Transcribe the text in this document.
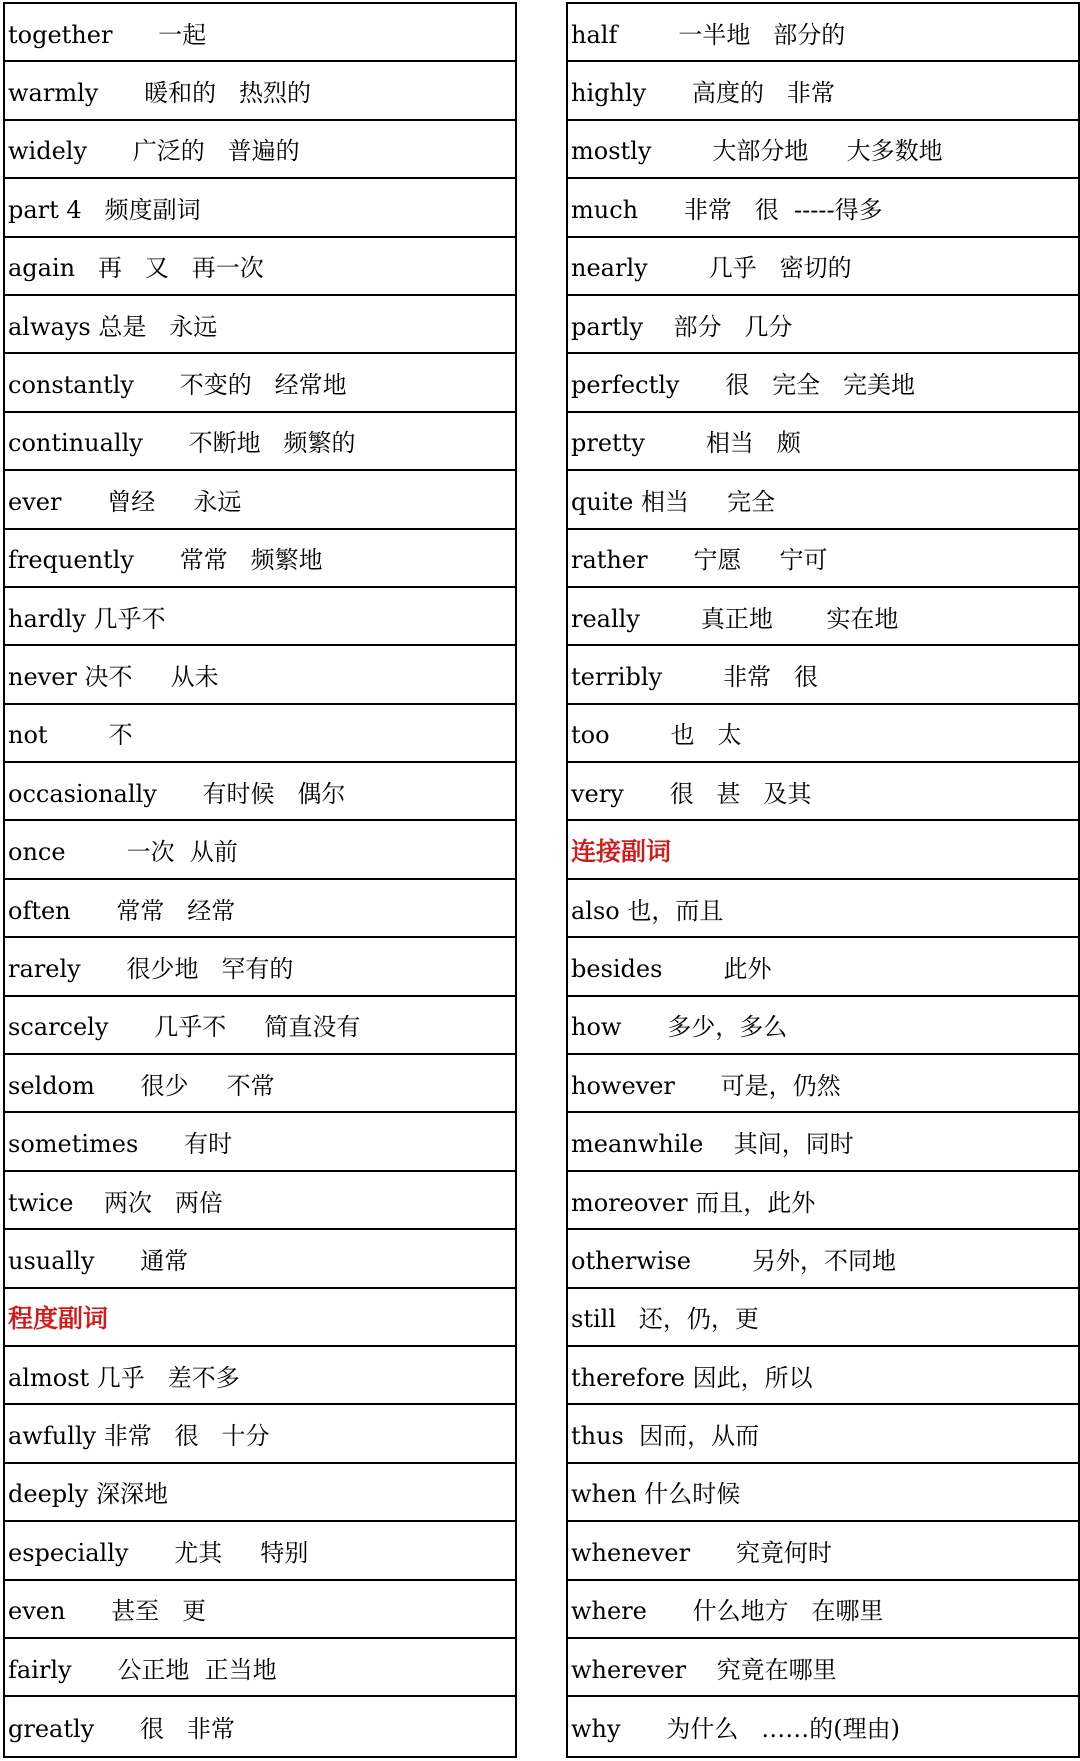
together      一起
warmly      暖和的   热烈的
widely      广泛的   普遍的
part 4   频度副词
again   再   又   再一次
always 总是   永远
constantly      不变的   经常地
continually      不断地   频繁的
ever      曾经     永远
frequently      常常   频繁地
hardly 几乎不
never 决不     从未
not        不
occasionally      有时候   偶尔
once        一次  从前
often      常常   经常
rarely      很少地   罕有的
scarcely      几乎不     简直没有
seldom      很少     不常
sometimes      有时
twice    两次   两倍
usually      通常
程度副词
almost 几乎   差不多
awfully 非常   很   十分
deeply 深深地
especially      尤其     特别
even      甚至   更
fairly      公正地  正当地
greatly      很   非常
half        一半地   部分的
highly      高度的   非常
mostly        大部分地     大多数地
much      非常   很  -----得多
nearly        几乎   密切的
partly    部分   几分
perfectly      很   完全   完美地
pretty        相当   颇
quite 相当     完全
rather      宁愿     宁可
really        真正地       实在地
terribly        非常   很
too        也   太
very      很   甚   及其
连接副词
also 也，而且
besides        此外
how      多少，多么
however      可是，仍然
meanwhile    其间，同时
moreover 而且，此外
otherwise        另外，不同地
still   还，仍，更
therefore 因此，所以
thus  因而，从而
when 什么时候
whenever      究竟何时
where      什么地方   在哪里
wherever    究竟在哪里
why      为什么   ……的(理由)
